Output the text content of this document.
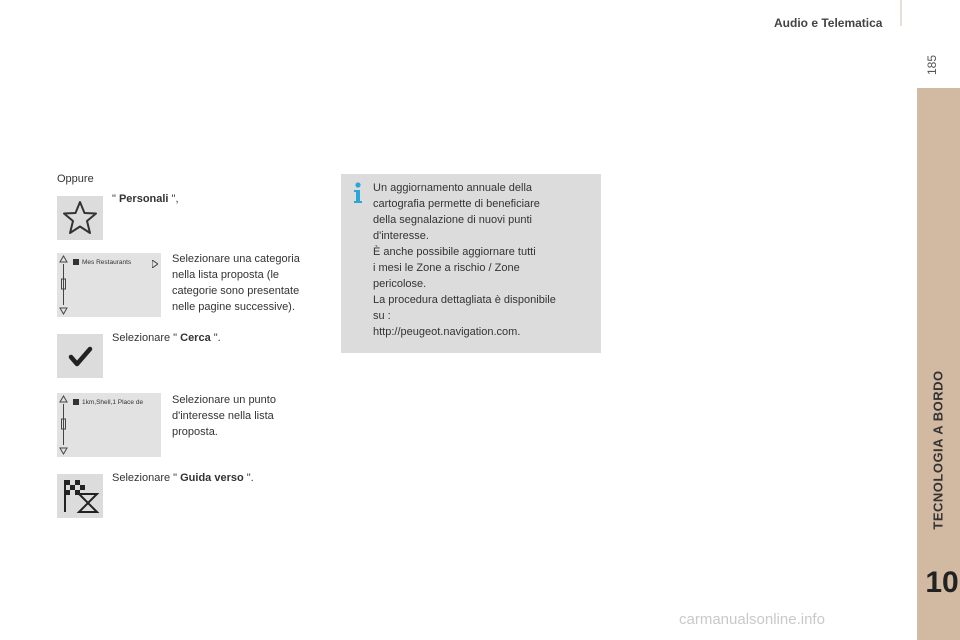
Audio e Telematica
185
TECNOLOGIA A BORDO
10
Oppure
" Personali ",
Mes Restaurants	Selezionare una categoria
nella lista proposta (le
categorie sono presentate
nelle pagine successive).
Selezionare " Cerca ".
1km,Shell,1 Place de	Selezionare un punto
d'interesse nella lista
proposta.
Selezionare " Guida verso ".
Un aggiornamento annuale della
cartografia permette di beneficiare
della segnalazione di nuovi punti
d'interesse.
È anche possibile aggiornare tutti
i mesi le Zone a rischio / Zone
pericolose.
La procedura dettagliata è disponibile
su :
http://peugeot.navigation.com.
carmanualsonline.info
